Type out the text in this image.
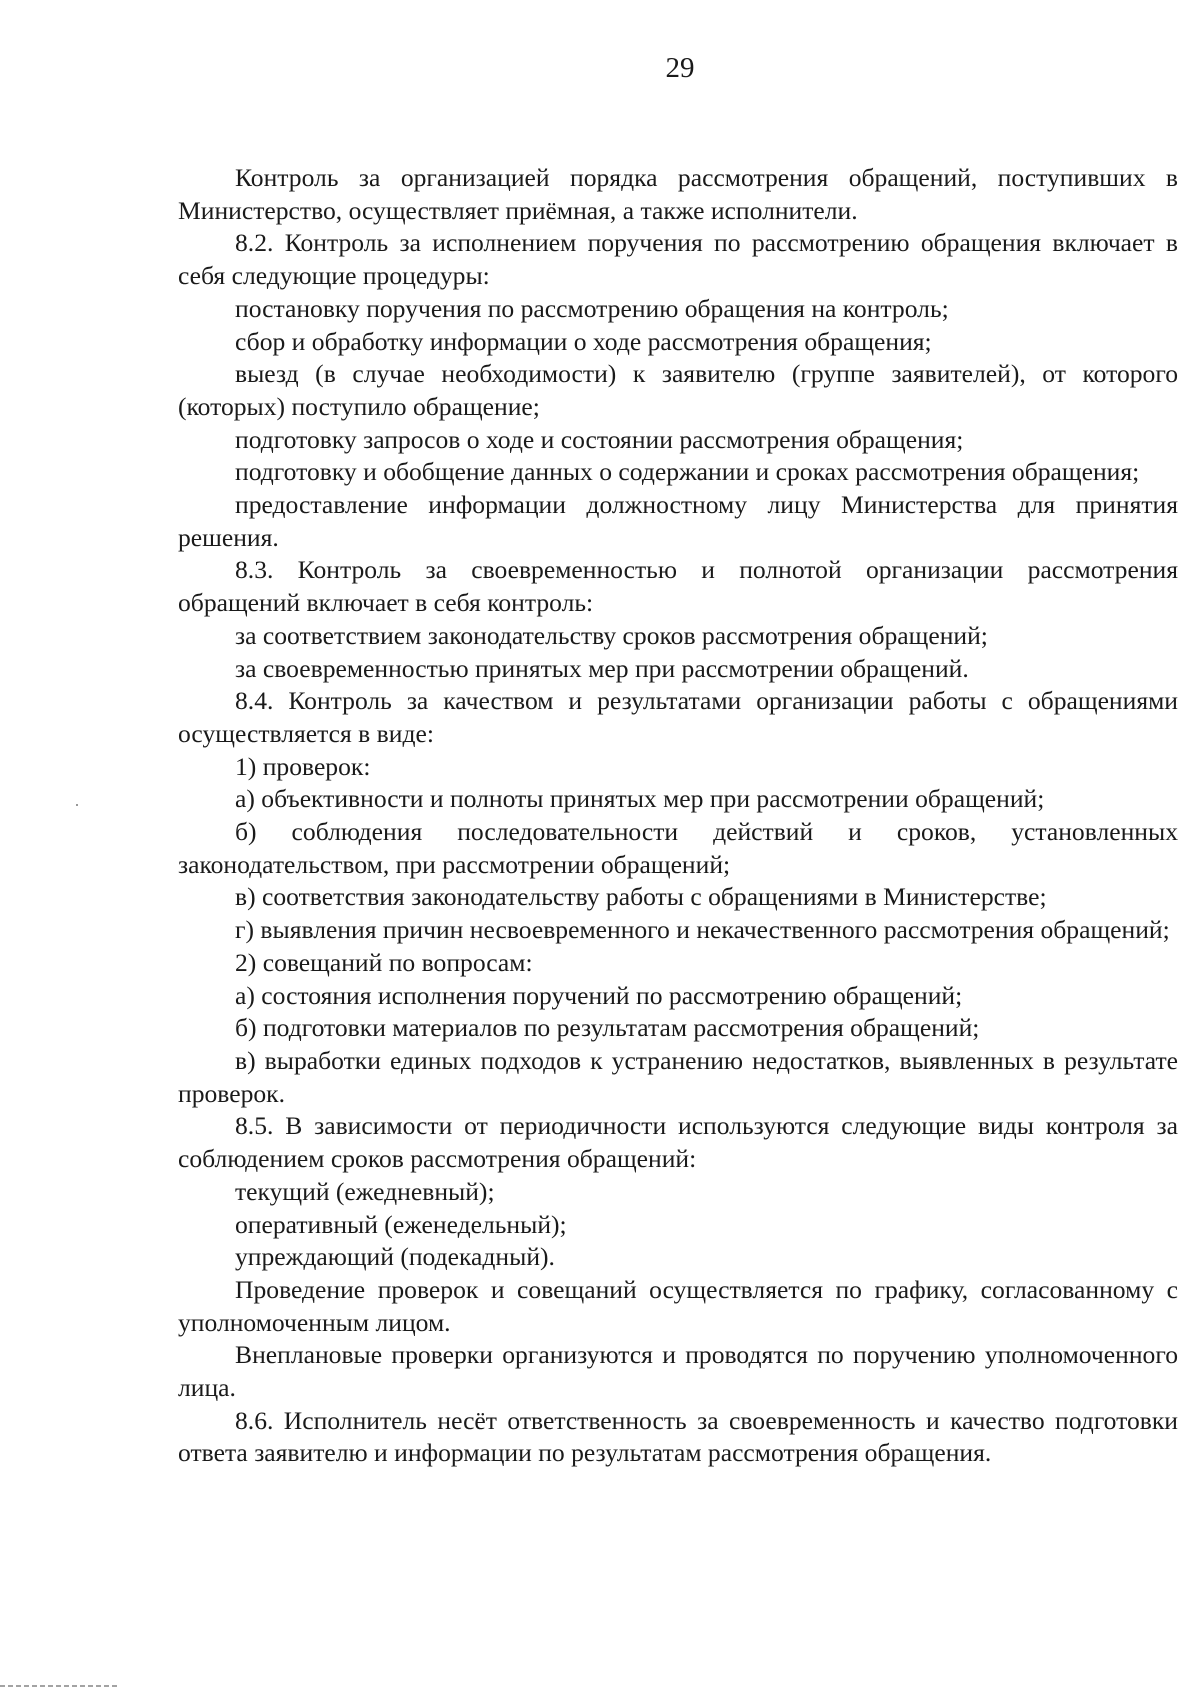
29

Контроль за организацией порядка рассмотрения обращений, поступивших в Министерство, осуществляет приёмная, а также исполнители.

8.2. Контроль за исполнением поручения по рассмотрению обращения включает в себя следующие процедуры:

постановку поручения по рассмотрению обращения на контроль;

сбор и обработку информации о ходе рассмотрения обращения;

выезд (в случае необходимости) к заявителю (группе заявителей), от которого (которых) поступило обращение;

подготовку запросов о ходе и состоянии рассмотрения обращения;

подготовку и обобщение данных о содержании и сроках рассмотрения обращения;

предоставление информации должностному лицу Министерства для принятия решения.

8.3. Контроль за своевременностью и полнотой организации рассмотрения обращений включает в себя контроль:

за соответствием законодательству сроков рассмотрения обращений;

за своевременностью принятых мер при рассмотрении обращений.

8.4. Контроль за качеством и результатами организации работы с обращениями осуществляется в виде:

1) проверок:

а) объективности и полноты принятых мер при рассмотрении обращений;

б) соблюдения последовательности действий и сроков, установленных законодательством, при рассмотрении обращений;

в) соответствия законодательству работы с обращениями в Министерстве;

г) выявления причин несвоевременного и некачественного рассмотрения обращений;

2) совещаний по вопросам:

а) состояния исполнения поручений по рассмотрению обращений;

б) подготовки материалов по результатам рассмотрения обращений;

в) выработки единых подходов к устранению недостатков, выявленных в результате проверок.

8.5. В зависимости от периодичности используются следующие виды контроля за соблюдением сроков рассмотрения обращений:

текущий (ежедневный);

оперативный (еженедельный);

упреждающий (подекадный).

Проведение проверок и совещаний осуществляется по графику, согласованному с уполномоченным лицом.

Внеплановые проверки организуются и проводятся по поручению уполномоченного лица.

8.6. Исполнитель несёт ответственность за своевременность и качество подготовки ответа заявителю и информации по результатам рассмотрения обращения.
